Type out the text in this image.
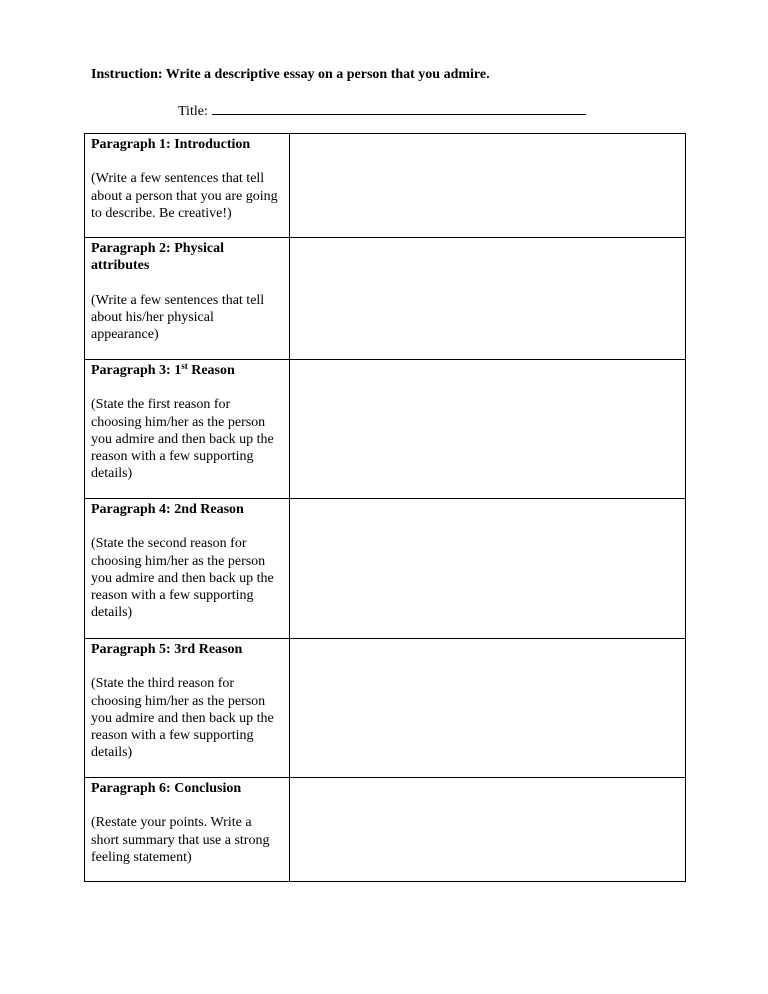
Instruction: Write a descriptive essay on a person that you admire.
Title:
Paragraph 1: Introduction
(Write a few sentences that tell about a person that you are going to describe. Be creative!)	

Paragraph 2: Physical attributes
(Write a few sentences that tell about his/her physical appearance)	

Paragraph 3: 1st Reason
(State the first reason for choosing him/her as the person you admire and then back up the reason with a few supporting details)	

Paragraph 4: 2nd Reason
(State the second reason for choosing him/her as the person you admire and then back up the reason with a few supporting details)	

Paragraph 5: 3rd Reason
(State the third reason for choosing him/her as the person you admire and then back up the reason with a few supporting details)	

Paragraph 6: Conclusion
(Restate your points. Write a short summary that use a strong feeling statement)	
